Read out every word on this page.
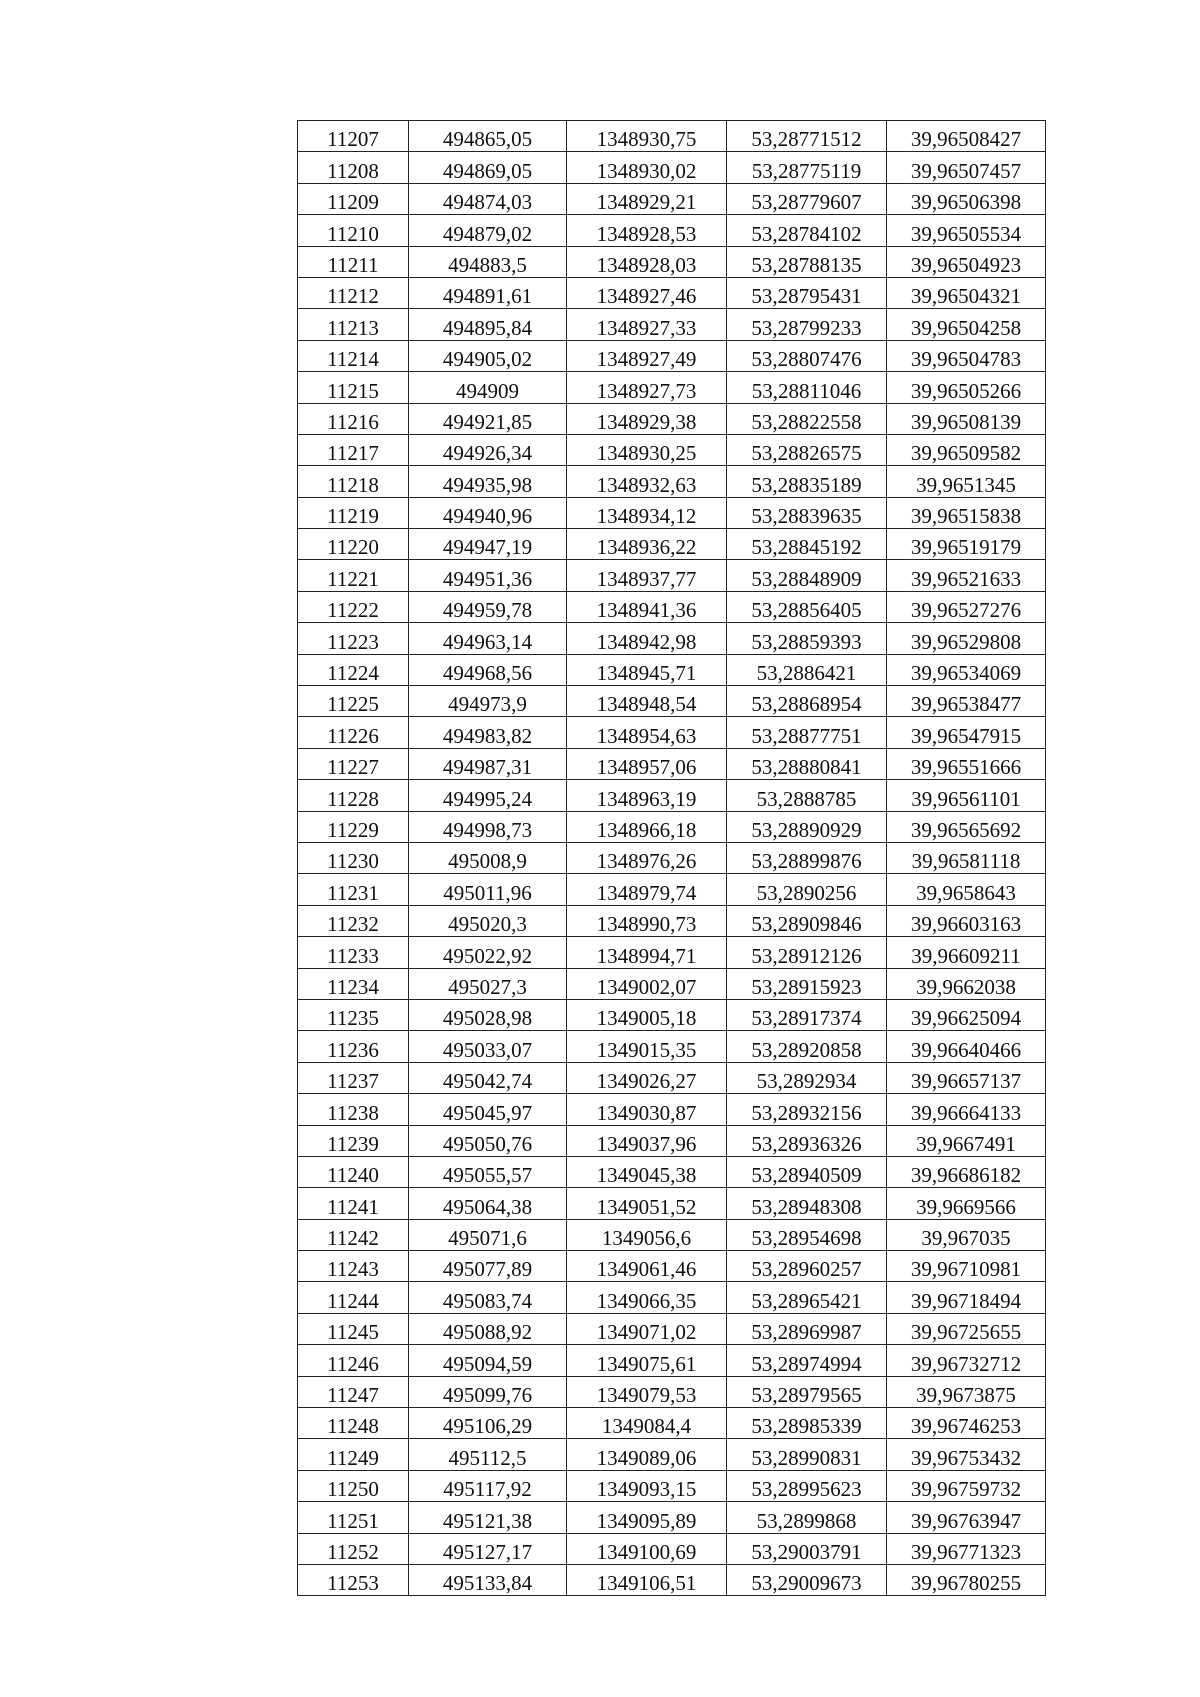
11207	494865,05	1348930,75	53,28771512	39,96508427
11208	494869,05	1348930,02	53,28775119	39,96507457
11209	494874,03	1348929,21	53,28779607	39,96506398
11210	494879,02	1348928,53	53,28784102	39,96505534
11211	494883,5	1348928,03	53,28788135	39,96504923
11212	494891,61	1348927,46	53,28795431	39,96504321
11213	494895,84	1348927,33	53,28799233	39,96504258
11214	494905,02	1348927,49	53,28807476	39,96504783
11215	494909	1348927,73	53,28811046	39,96505266
11216	494921,85	1348929,38	53,28822558	39,96508139
11217	494926,34	1348930,25	53,28826575	39,96509582
11218	494935,98	1348932,63	53,28835189	39,9651345
11219	494940,96	1348934,12	53,28839635	39,96515838
11220	494947,19	1348936,22	53,28845192	39,96519179
11221	494951,36	1348937,77	53,28848909	39,96521633
11222	494959,78	1348941,36	53,28856405	39,96527276
11223	494963,14	1348942,98	53,28859393	39,96529808
11224	494968,56	1348945,71	53,2886421	39,96534069
11225	494973,9	1348948,54	53,28868954	39,96538477
11226	494983,82	1348954,63	53,28877751	39,96547915
11227	494987,31	1348957,06	53,28880841	39,96551666
11228	494995,24	1348963,19	53,2888785	39,96561101
11229	494998,73	1348966,18	53,28890929	39,96565692
11230	495008,9	1348976,26	53,28899876	39,96581118
11231	495011,96	1348979,74	53,2890256	39,9658643
11232	495020,3	1348990,73	53,28909846	39,96603163
11233	495022,92	1348994,71	53,28912126	39,96609211
11234	495027,3	1349002,07	53,28915923	39,9662038
11235	495028,98	1349005,18	53,28917374	39,96625094
11236	495033,07	1349015,35	53,28920858	39,96640466
11237	495042,74	1349026,27	53,2892934	39,96657137
11238	495045,97	1349030,87	53,28932156	39,96664133
11239	495050,76	1349037,96	53,28936326	39,9667491
11240	495055,57	1349045,38	53,28940509	39,96686182
11241	495064,38	1349051,52	53,28948308	39,9669566
11242	495071,6	1349056,6	53,28954698	39,967035
11243	495077,89	1349061,46	53,28960257	39,96710981
11244	495083,74	1349066,35	53,28965421	39,96718494
11245	495088,92	1349071,02	53,28969987	39,96725655
11246	495094,59	1349075,61	53,28974994	39,96732712
11247	495099,76	1349079,53	53,28979565	39,9673875
11248	495106,29	1349084,4	53,28985339	39,96746253
11249	495112,5	1349089,06	53,28990831	39,96753432
11250	495117,92	1349093,15	53,28995623	39,96759732
11251	495121,38	1349095,89	53,2899868	39,96763947
11252	495127,17	1349100,69	53,29003791	39,96771323
11253	495133,84	1349106,51	53,29009673	39,96780255
